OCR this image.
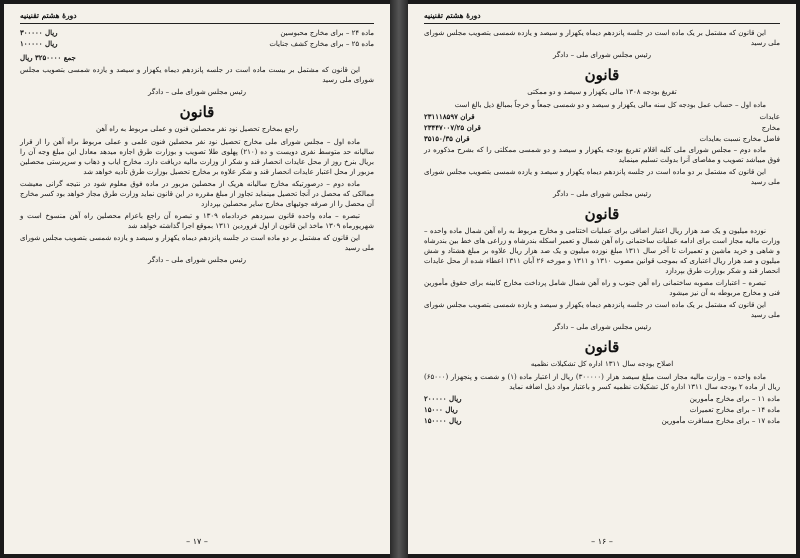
دورهٔ هشتم تقنینیه
ماده ۲۴ – برای مخارج محبوسین
۳۰۰۰۰۰ ریال
ماده ۲۵ – برای مخارج کشف جنایات
۱۰۰۰۰۰ ریال
جمع ۳۲۵۰۰۰۰ ریال
این قانون که مشتمل بر بیست ماده است در جلسه پانزدهم دیماه یکهزار و سیصد و یازده شمسی بتصویب مجلس شورای ملی رسید
رئیس مجلس شورای ملی – دادگر
قانون
راجع بمخارج تحصیل نود نفر محصلین فنون و عملی مربوط به راه آهن
ماده اول – مجلس شورای ملی مخارج تحصیل نود نفر محصلین فنون علمی و عملی مربوط براه آهن را از قرار سالیانه حد متوسط نفری دویست و ده (۲۱۰) پهلوی طلا تصویب و بوزارت طرق اجازه میدهد معادل این مبلغ وجه آن را بریال بنرخ روز از محل عایدات انحصار قند و شکر از وزارت مالیه دریافت دارد. مخارج ایاب و ذهاب و سرپرستی محصلین مزبور از محل اعتبار عایدات انحصار قند و شکر علاوه بر مخارج تحصیل بوزارت طرق تأدیه خواهد شد
ماده دوم – درصورتیکه مخارج سالیانه هریک از محصلین مزبور در ماده فوق معلوم شود در نتیجه گرانی معیشت ممالکی که محصل در آنجا تحصیل مینماید تجاوز از مبلغ مقرره در این قانون نماید وزارت طرق مجاز خواهد بود کسر مخارج آن محصل را از صرفه جوئیهای مخارج سایر محصلین بپردازد
تبصره – ماده واحده قانون سیزدهم خردادماه ۱۳۰۹ و تبصره آن راجع باعزام محصلین راه آهن منسوخ است و شهریورماه ۱۳۰۹ ماخذ این قانون از اول فروردین ۱۳۱۱ بموقع اجرا گذاشته خواهد شد
این قانون که مشتمل بر دو ماده است در جلسه پانزدهم دیماه یکهزار و سیصد و یازده شمسی بتصویب مجلس شورای ملی رسید
رئیس مجلس شورای ملی – دادگر
– ۱۷ –
دورهٔ هشتم تقنینیه
این قانون که مشتمل بر یک ماده است در جلسه پانزدهم دیماه یکهزار و سیصد و یازده شمسی بتصویب مجلس شورای ملی رسید
رئیس مجلس شورای ملی – دادگر
قانون
تفریغ بودجه ۱۳۰۸ مالی یکهزار و سیصد و دو ممکتی
ماده اول – حساب عمل بودجه کل سنه مالی یکهزار و سیصد و دو شمسی جمعاً و خرجاً بمبالغ ذیل بالغ است
عایدات
۲۳۱۱۱۸۵۹۷ قران
مخارج
۲۳۴۴۷۰۰۷/۲۵ قران
فاضل مخارج نسبت بعایدات
۳۵۱۵۰/۳۵ قران
ماده دوم – مجلس شورای ملی کلیه اقلام تفریغ بودجه یکهزار و سیصد و دو شمسی ممکلتی را که بشرح مذکوره در فوق میباشد تصویب و مفاصای آنرا بدولت تسلیم مینماید
این قانون که مشتمل بر دو ماده است در جلسه پانزدهم دیماه یکهزار و سیصد و یازده شمسی بتصویب مجلس شورای ملی رسید
رئیس مجلس شورای ملی – دادگر
قانون
نوزده میلیون و یک صد هزار ریال اعتبار اضافی برای عملیات اختتامی و مخارج مربوط به راه آهن شمال ماده واحده – وزارت مالیه مجاز است برای ادامه عملیات ساختمانی راه آهن شمال و تعمیر اسکله بندرشاه و زراعی های خط بین بندرشاه و شاهی و خرید ماشین و تعمیرات تا آخر سال ۱۳۱۱ مبلغ نوزده میلیون و یک صد هزار ریال علاوه بر مبلغ هشتاد و شش میلیون و صد هزار ریال اعتباری که بموجب قوانین مصوب ۱۳۱۰ و ۱۳۱۱ و مورخه ۲۶ آبان ۱۳۱۱ اعطاء شده از محل عایدات انحصار قند و شکر بوزارت طرق بپردازد
تبصره – اعتبارات مصوبه ساختمانی راه آهن جنوب و راه آهن شمال شامل پرداخت مخارج کابینه برای حقوق مأمورین فنی و مخارج مربوطه به آن نیز میشود
این قانون که مشتمل بر یک ماده است در جلسه پانزدهم دیماه یکهزار و سیصد و یازده شمسی بتصویب مجلس شورای ملی رسید
رئیس مجلس شورای ملی – دادگر
قانون
اصلاح بودجه سال ۱۳۱۱ اداره کل تشکیلات نظمیه
ماده واحده – وزارت مالیه مجاز است مبلغ سیصد هزار (۳۰۰۰۰۰) ریال از اعتبار ماده (۱) و شصت و پنجهزار (۶۵۰۰۰) ریال از ماده ۲ بودجه سال ۱۳۱۱ اداره کل تشکیلات نظمیه کسر و باعتبار مواد ذیل اضافه نماید
ماده ۱۱ – برای مخارج مأمورین
۲۰۰۰۰۰ ریال
ماده ۱۴ – برای مخارج تعمیرات
۱۵۰۰۰ ریال
ماده ۱۷ – برای مخارج مسافرت مأمورین
۱۵۰۰۰۰ ریال
– ۱۶ –
